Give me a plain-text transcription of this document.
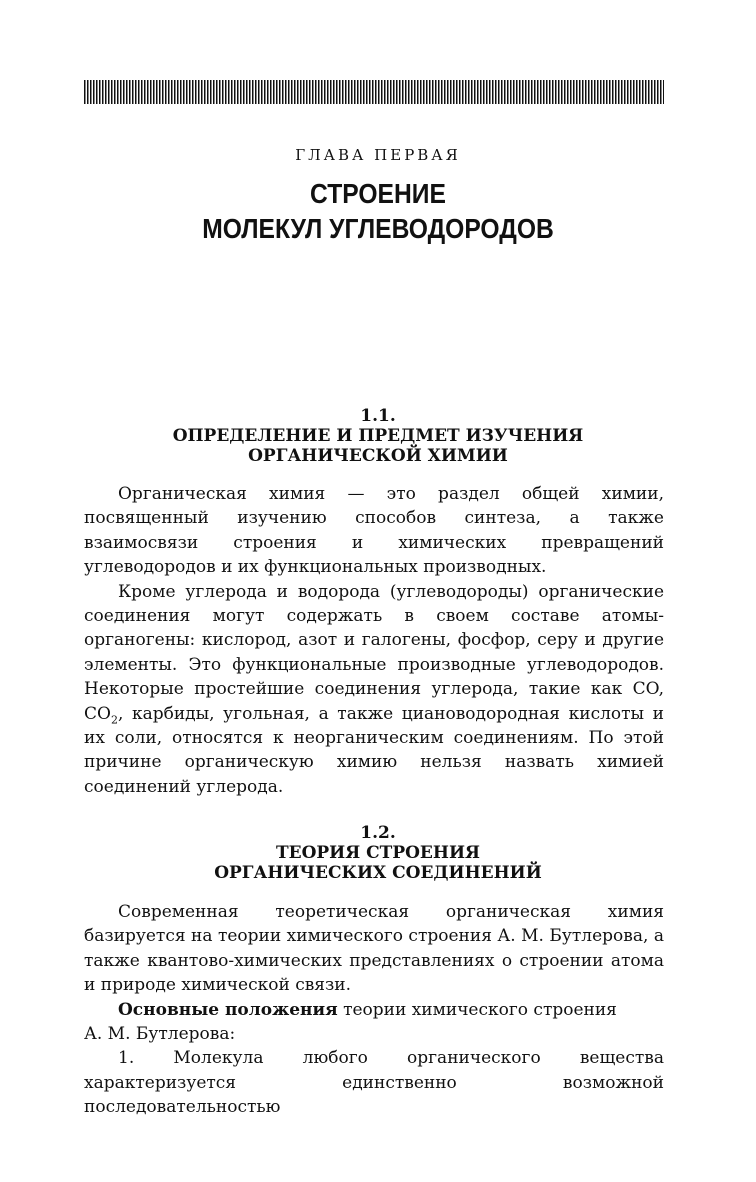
ГЛАВА ПЕРВАЯ
СТРОЕНИЕ
МОЛЕКУЛ УГЛЕВОДОРОДОВ
1.1.
ОПРЕДЕЛЕНИЕ И ПРЕДМЕТ ИЗУЧЕНИЯ
ОРГАНИЧЕСКОЙ ХИМИИ

Органическая химия — это раздел общей химии, посвященный изучению способов синтеза, а также взаимосвязи строения и химических превращений углеводородов и их функциональных производных.

Кроме углерода и водорода (углеводороды) органические соединения могут содержать в своем составе атомы-органогены: кислород, азот и галогены, фосфор, серу и другие элементы. Это функциональные производные углеводородов. Некоторые простейшие соединения углерода, такие как CO, $CO_2$, карбиды, угольная, а также циановодородная кислоты и их соли, относятся к неорганическим соединениям. По этой причине органическую химию нельзя назвать химией соединений углерода.

1.2.
ТЕОРИЯ СТРОЕНИЯ
ОРГАНИЧЕСКИХ СОЕДИНЕНИЙ

Современная теоретическая органическая химия базируется на теории химического строения А. М. Бутлерова, а также квантово-химических представлениях о строении атома и природе химической связи.

Основные положения теории химического строения

А. М. Бутлерова:

1. Молекула любого органического вещества характеризуется единственно возможной последовательностью
